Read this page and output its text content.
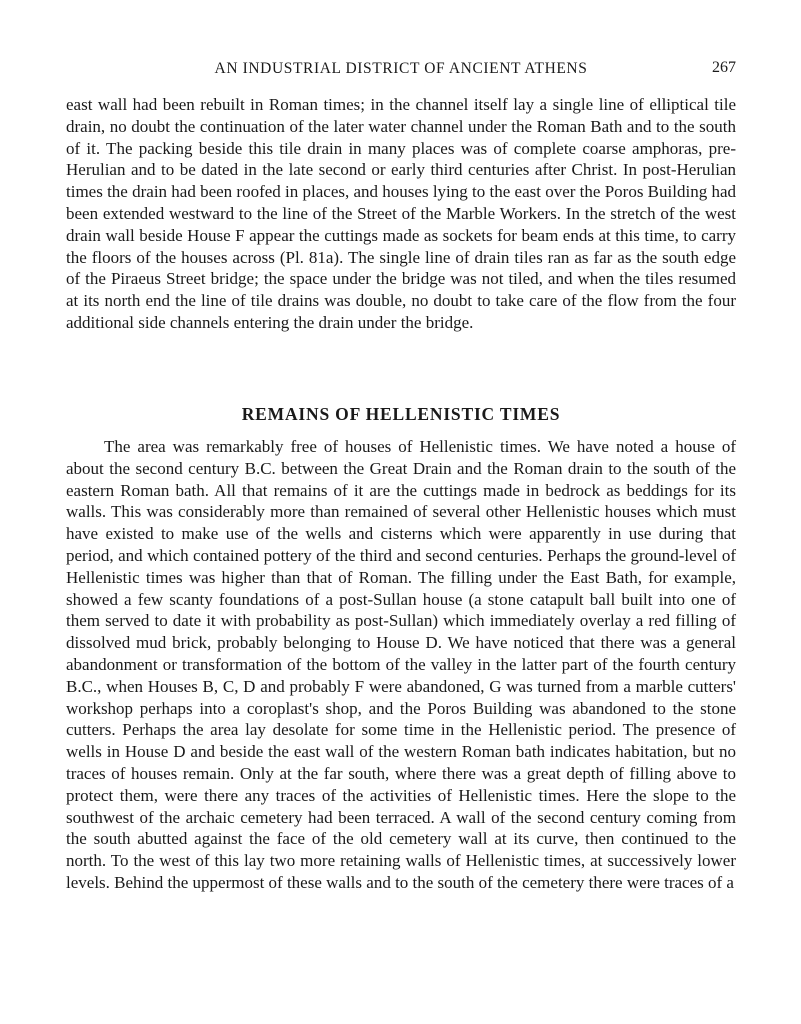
AN INDUSTRIAL DISTRICT OF ANCIENT ATHENS	267

east wall had been rebuilt in Roman times; in the channel itself lay a single line of elliptical tile drain, no doubt the continuation of the later water channel under the Roman Bath and to the south of it. The packing beside this tile drain in many places was of complete coarse amphoras, pre-Herulian and to be dated in the late second or early third centuries after Christ. In post-Herulian times the drain had been roofed in places, and houses lying to the east over the Poros Building had been extended westward to the line of the Street of the Marble Workers. In the stretch of the west drain wall beside House F appear the cuttings made as sockets for beam ends at this time, to carry the floors of the houses across (Pl. 81a). The single line of drain tiles ran as far as the south edge of the Piraeus Street bridge; the space under the bridge was not tiled, and when the tiles resumed at its north end the line of tile drains was double, no doubt to take care of the flow from the four additional side channels entering the drain under the bridge.

REMAINS OF HELLENISTIC TIMES

The area was remarkably free of houses of Hellenistic times. We have noted a house of about the second century B.C. between the Great Drain and the Roman drain to the south of the eastern Roman bath. All that remains of it are the cuttings made in bedrock as beddings for its walls. This was considerably more than remained of several other Hellenistic houses which must have existed to make use of the wells and cisterns which were apparently in use during that period, and which contained pottery of the third and second centuries. Perhaps the ground-level of Hellenistic times was higher than that of Roman. The filling under the East Bath, for example, showed a few scanty foundations of a post-Sullan house (a stone catapult ball built into one of them served to date it with probability as post-Sullan) which immediately overlay a red filling of dissolved mud brick, probably belonging to House D. We have noticed that there was a general abandonment or transformation of the bottom of the valley in the latter part of the fourth century B.C., when Houses B, C, D and probably F were abandoned, G was turned from a marble cutters' workshop perhaps into a coroplast's shop, and the Poros Building was abandoned to the stone cutters. Perhaps the area lay desolate for some time in the Hellenistic period. The presence of wells in House D and beside the east wall of the western Roman bath indicates habitation, but no traces of houses remain. Only at the far south, where there was a great depth of filling above to protect them, were there any traces of the activities of Hellenistic times. Here the slope to the southwest of the archaic cemetery had been terraced. A wall of the second century coming from the south abutted against the face of the old cemetery wall at its curve, then continued to the north. To the west of this lay two more retaining walls of Hellenistic times, at successively lower levels. Behind the uppermost of these walls and to the south of the cemetery there were traces of a
